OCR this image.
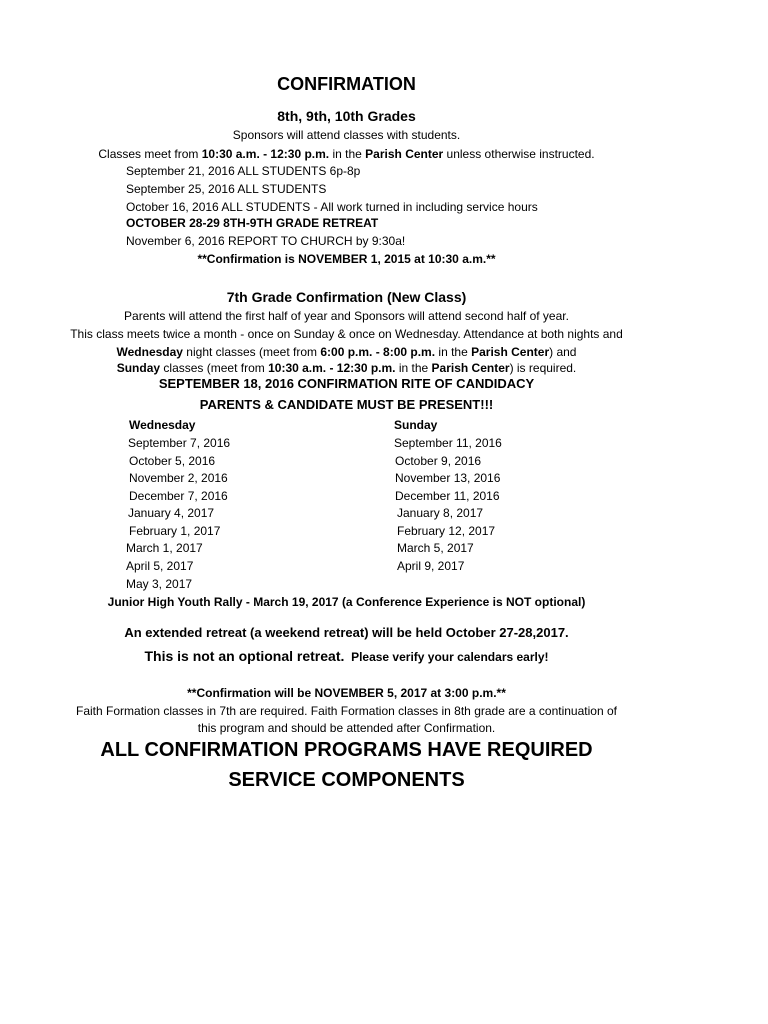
CONFIRMATION
8th, 9th, 10th Grades
Sponsors will attend classes with students.
Classes meet from 10:30 a.m. - 12:30 p.m. in the Parish Center unless otherwise instructed.
September 21, 2016 ALL STUDENTS 6p-8p
September 25, 2016 ALL STUDENTS
October 16, 2016 ALL STUDENTS - All work turned in including service hours
OCTOBER 28-29 8TH-9TH GRADE RETREAT
November 6, 2016 REPORT TO CHURCH by 9:30a!
**Confirmation is NOVEMBER 1, 2015 at 10:30 a.m.**
7th Grade Confirmation (New Class)
Parents will attend the first half of year and Sponsors will attend second half of year.
This class meets twice a month - once on Sunday & once on Wednesday. Attendance at both nights and
Wednesday night classes (meet from 6:00 p.m. - 8:00 p.m. in the Parish Center) and
Sunday classes (meet from 10:30 a.m. - 12:30 p.m. in the Parish Center) is required.
SEPTEMBER 18, 2016 CONFIRMATION RITE OF CANDIDACY
PARENTS & CANDIDATE MUST BE PRESENT!!!
Wednesday	Sunday
September 7, 2016
October 5, 2016
November 2, 2016
December 7, 2016
January 4, 2017
February 1, 2017
March 1, 2017
April 5, 2017
May 3, 2017
September 11, 2016
October 9, 2016
November 13, 2016
December 11, 2016
January 8, 2017
February 12, 2017
March 5, 2017
April 9, 2017
Junior High Youth Rally - March 19, 2017 (a Conference Experience is NOT optional)
An extended retreat (a weekend retreat) will be held October 27-28,2017.
This is not an optional retreat. Please verify your calendars early!
**Confirmation will be NOVEMBER 5, 2017 at 3:00 p.m.**
Faith Formation classes in 7th are required. Faith Formation classes in 8th grade are a continuation of
this program and should be attended after Confirmation.
ALL CONFIRMATION PROGRAMS HAVE REQUIRED
SERVICE COMPONENTS
